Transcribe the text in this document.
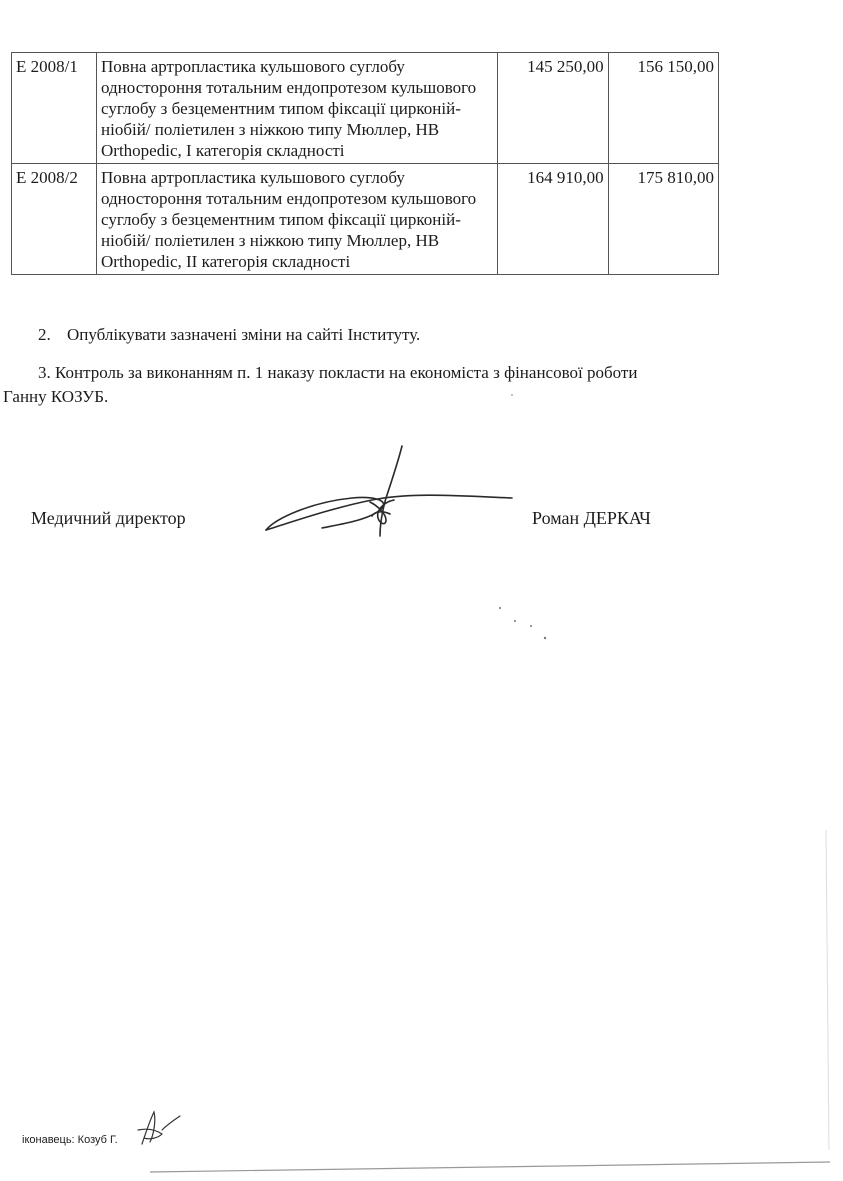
Е 2008/1	Повна артропластика кульшового суглобу одностороння тотальним ендопротезом кульшового суглобу з безцементним типом фіксації цирконій-ніобій/ поліетилен з ніжкою типу Мюллер, HB Orthopedic, I категорія складності	145 250,00	156 150,00
Е 2008/2	Повна артропластика кульшового суглобу одностороння тотальним ендопротезом кульшового суглобу з безцементним типом фіксації цирконій-ніобій/ поліетилен з ніжкою типу Мюллер, HB Orthopedic, II категорія складності	164 910,00	175 810,00
2. Опублікувати зазначені зміни на сайті Інституту.
3. Контроль за виконанням п. 1 наказу покласти на економіста з фінансової роботи
Ганну КОЗУБ.
Медичний директор	Роман ДЕРКАЧ
іконавець: Козуб Г.
